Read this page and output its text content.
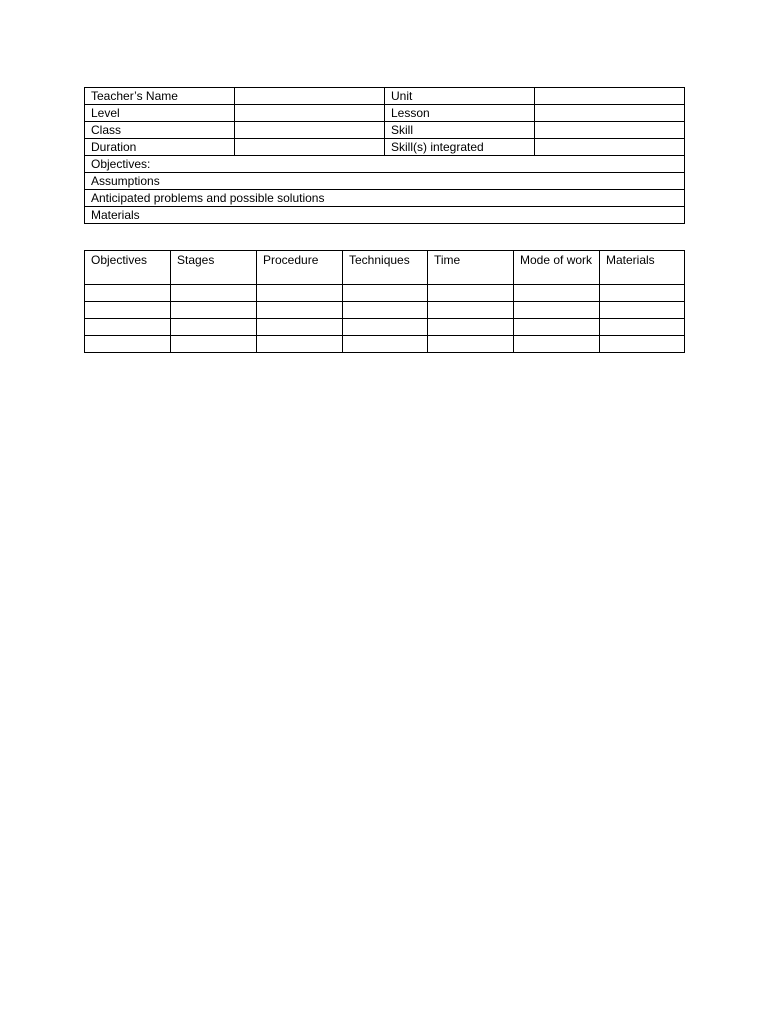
Teacher’s Name		Unit	
Level		Lesson	
Class		Skill	
Duration		Skill(s) integrated	
Objectives:			
Assumptions			
Anticipated problems and possible solutions			
Materials			
Objectives	Stages	Procedure	Techniques	Time	Mode of work	Materials
